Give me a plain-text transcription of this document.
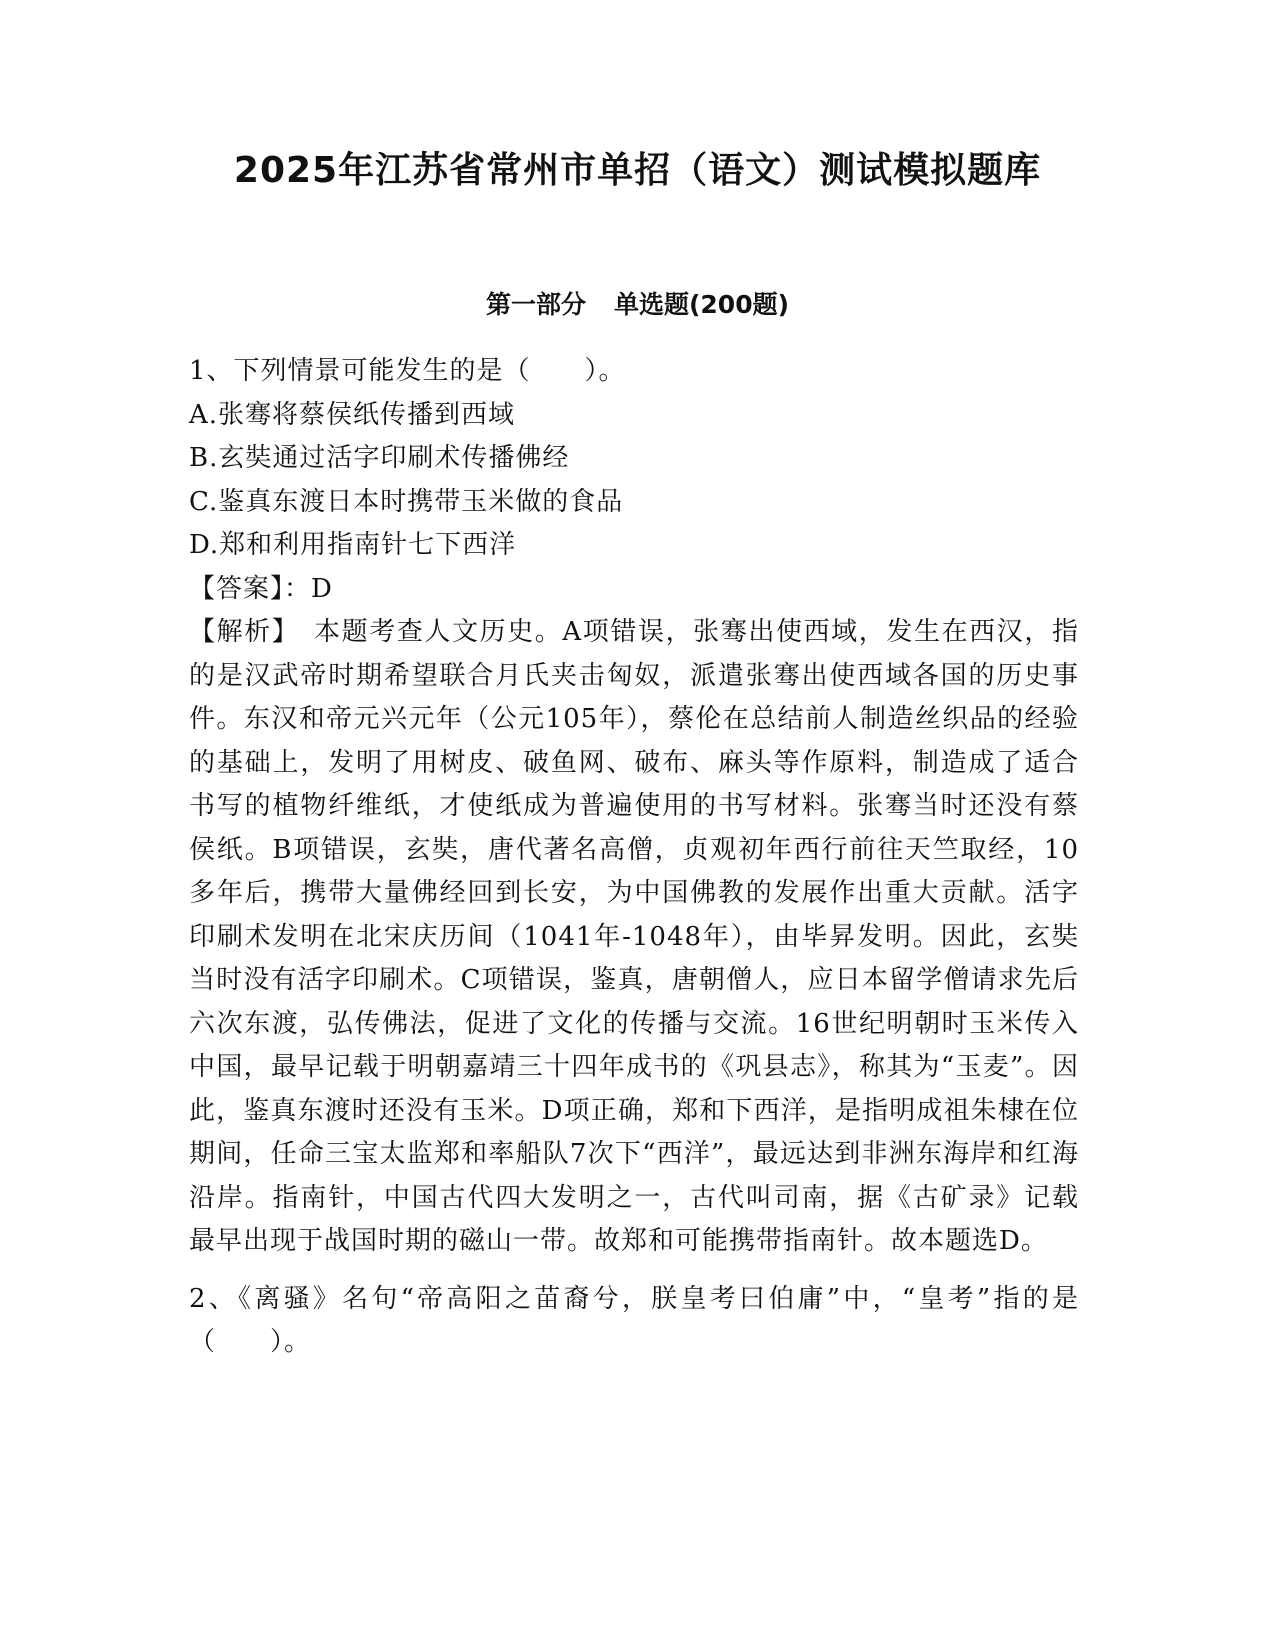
2025年江苏省常州市单招（语文）测试模拟题库
第一部分 单选题(200题)
1、下列情景可能发生的是（　　）。
A.张骞将蔡侯纸传播到西域
B.玄奘通过活字印刷术传播佛经
C.鉴真东渡日本时携带玉米做的食品
D.郑和利用指南针七下西洋
【答案】：D
【解析】　本题考查人文历史。A项错误，张骞出使西域，发生在西汉，指的是汉武帝时期希望联合月氏夹击匈奴，派遣张骞出使西域各国的历史事件。东汉和帝元兴元年（公元105年），蔡伦在总结前人制造丝织品的经验的基础上，发明了用树皮、破鱼网、破布、麻头等作原料，制造成了适合书写的植物纤维纸，才使纸成为普遍使用的书写材料。张骞当时还没有蔡侯纸。B项错误，玄奘，唐代著名高僧，贞观初年西行前往天竺取经，10多年后，携带大量佛经回到长安，为中国佛教的发展作出重大贡献。活字印刷术发明在北宋庆历间（1041年-1048年），由毕昇发明。因此，玄奘当时没有活字印刷术。C项错误，鉴真，唐朝僧人，应日本留学僧请求先后六次东渡，弘传佛法，促进了文化的传播与交流。16世纪明朝时玉米传入中国，最早记载于明朝嘉靖三十四年成书的《巩县志》，称其为“玉麦”。因此，鉴真东渡时还没有玉米。D项正确，郑和下西洋，是指明成祖朱棣在位期间，任命三宝太监郑和率船队7次下“西洋”，最远达到非洲东海岸和红海沿岸。指南针，中国古代四大发明之一，古代叫司南，据《古矿录》记载最早出现于战国时期的磁山一带。故郑和可能携带指南针。故本题选D。
2、《离骚》名句“帝高阳之苗裔兮，朕皇考曰伯庸”中，“皇考”指的是（　　）。
